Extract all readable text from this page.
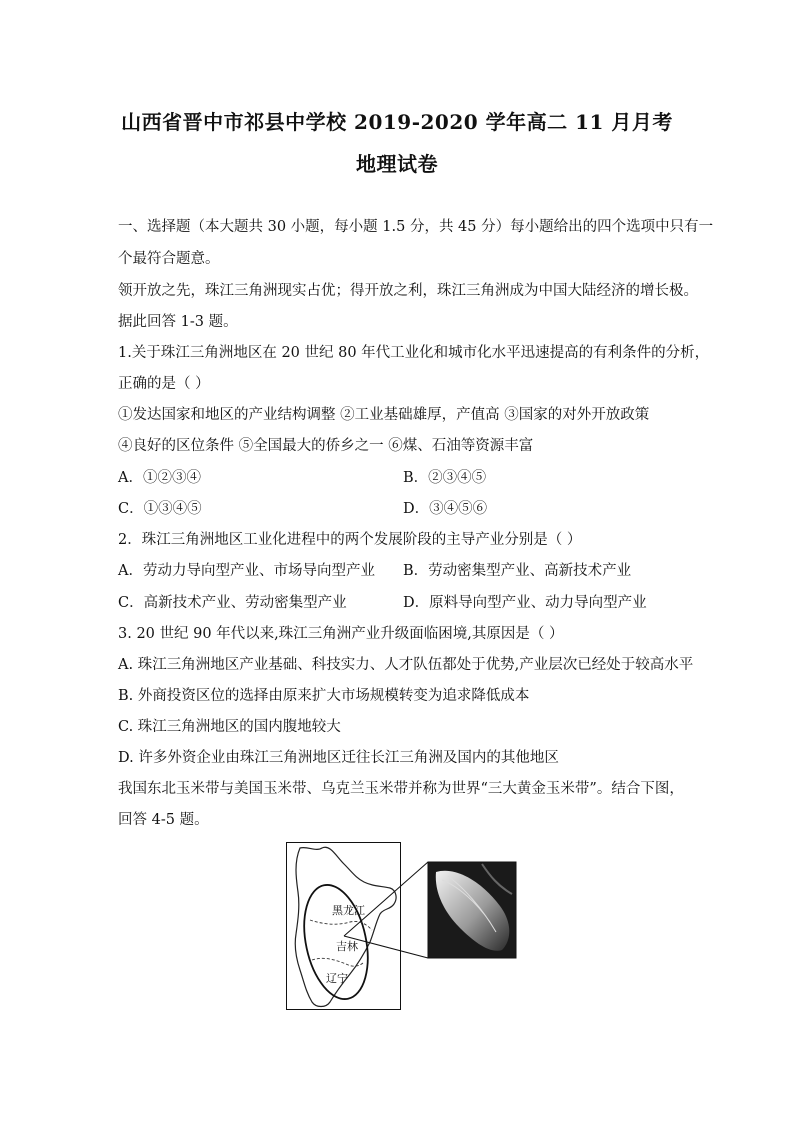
山西省晋中市祁县中学校 2019-2020 学年高二 11 月月考
地理试卷
一、选择题（本大题共 30 小题，每小题 1.5 分，共 45 分）每小题给出的四个选项中只有一
个最符合题意。
领开放之先，珠江三角洲现实占优；得开放之利，珠江三角洲成为中国大陆经济的增长极。
据此回答 1-3 题。
1.关于珠江三角洲地区在 20 世纪 80 年代工业化和城市化水平迅速提高的有利条件的分析，
正确的是（ ）
①发达国家和地区的产业结构调整 ②工业基础雄厚，产值高 ③国家的对外开放政策
④良好的区位条件 ⑤全国最大的侨乡之一 ⑥煤、石油等资源丰富
A．①②③④	B．②③④⑤
C．①③④⑤	D．③④⑤⑥
2．珠江三角洲地区工业化进程中的两个发展阶段的主导产业分别是（ ）
A．劳动力导向型产业、市场导向型产业 B．劳动密集型产业、高新技术产业
C．高新技术产业、劳动密集型产业	D．原料导向型产业、动力导向型产业
3. 20 世纪 90 年代以来,珠江三角洲产业升级面临困境,其原因是（ ）
A. 珠江三角洲地区产业基础、科技实力、人才队伍都处于优势,产业层次已经处于较高水平
B. 外商投资区位的选择由原来扩大市场规模转变为追求降低成本
C. 珠江三角洲地区的国内腹地较大
D. 许多外资企业由珠江三角洲地区迁往长江三角洲及国内的其他地区
我国东北玉米带与美国玉米带、乌克兰玉米带并称为世界“三大黄金玉米带”。结合下图，
回答 4-5 题。
黑龙江
吉林
辽宁
